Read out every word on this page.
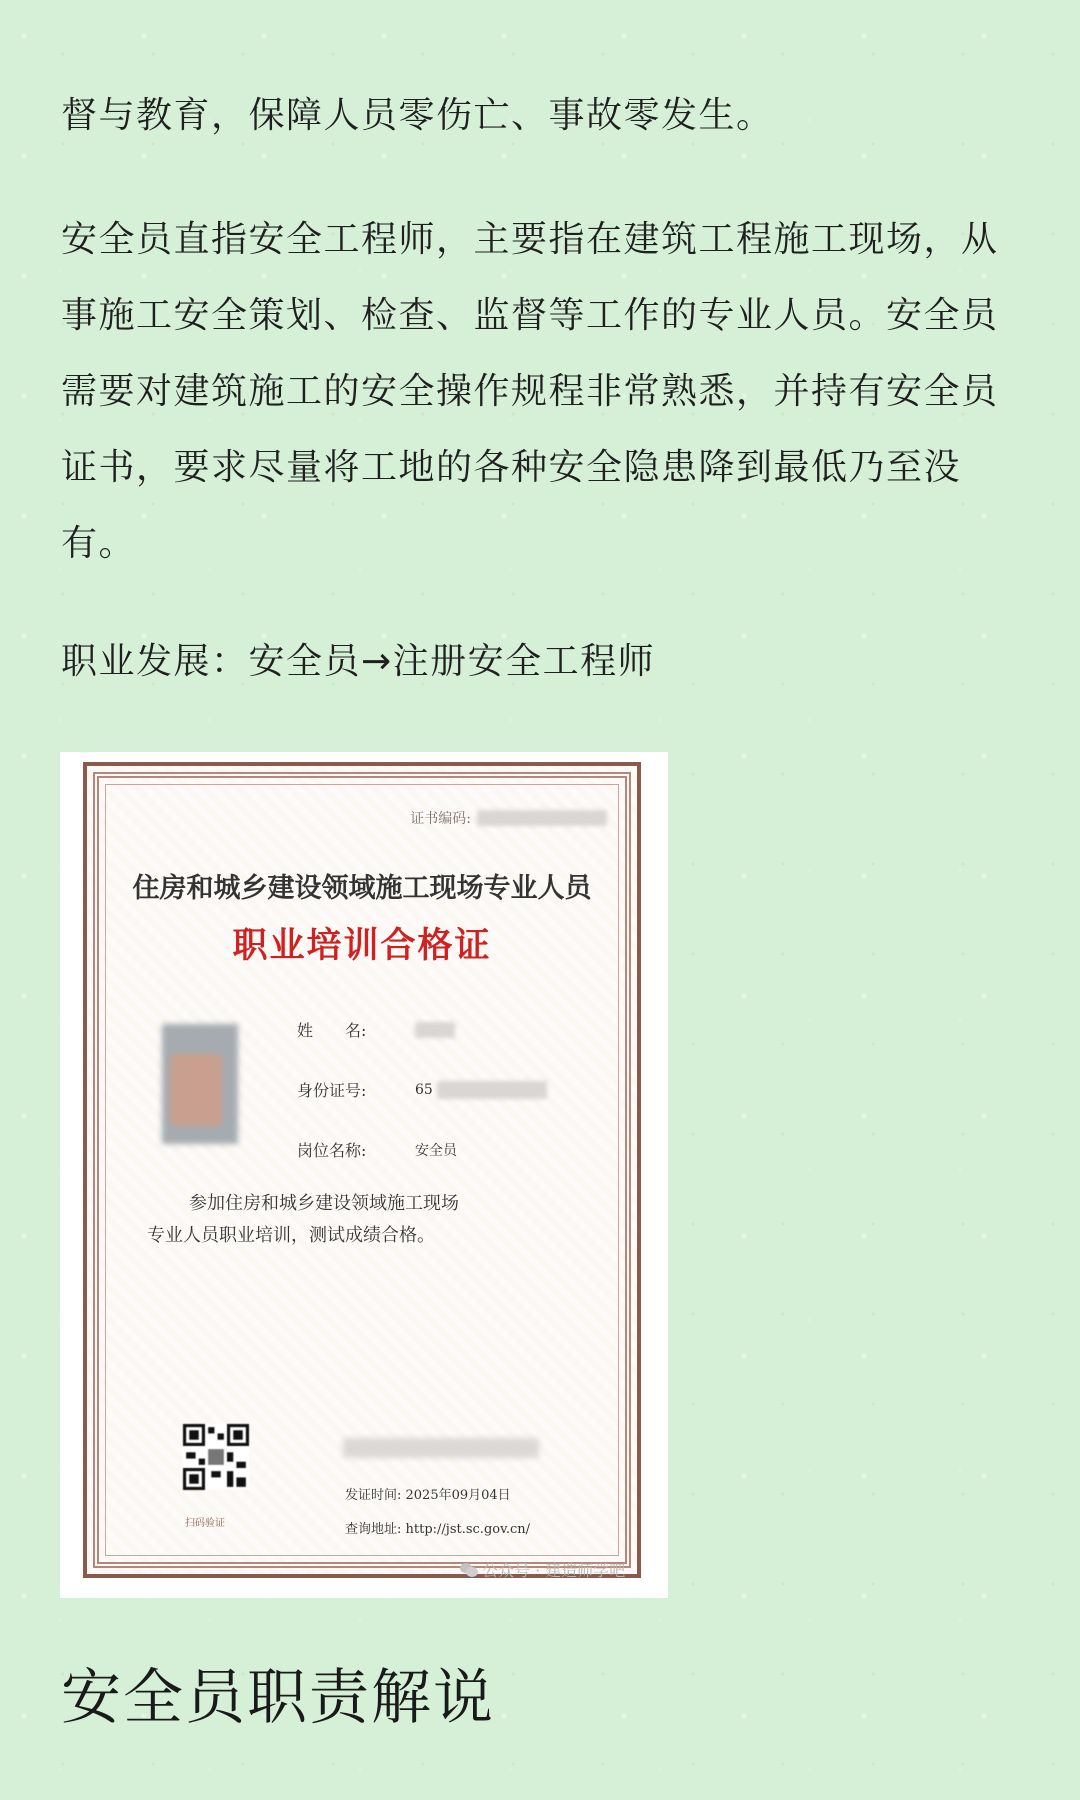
督与教育，保障人员零伤亡、事故零发生。

安全员直指安全工程师，主要指在建筑工程施工现场，从事施工安全策划、检查、监督等工作的专业人员。安全员需要对建筑施工的安全操作规程非常熟悉，并持有安全员证书，要求尽量将工地的各种安全隐患降到最低乃至没有。

职业发展：安全员→注册安全工程师

证书编码:
住房和城乡建设领域施工现场专业人员
职业培训合格证
姓　　名:
身份证号:	65
岗位名称:	安全员
参加住房和城乡建设领域施工现场
专业人员职业培训，测试成绩合格。
扫码验证
发证时间: 2025年09月04日
查询地址: http://jst.sc.gov.cn/
公众号 · 建造师学吧
安全员职责解说
